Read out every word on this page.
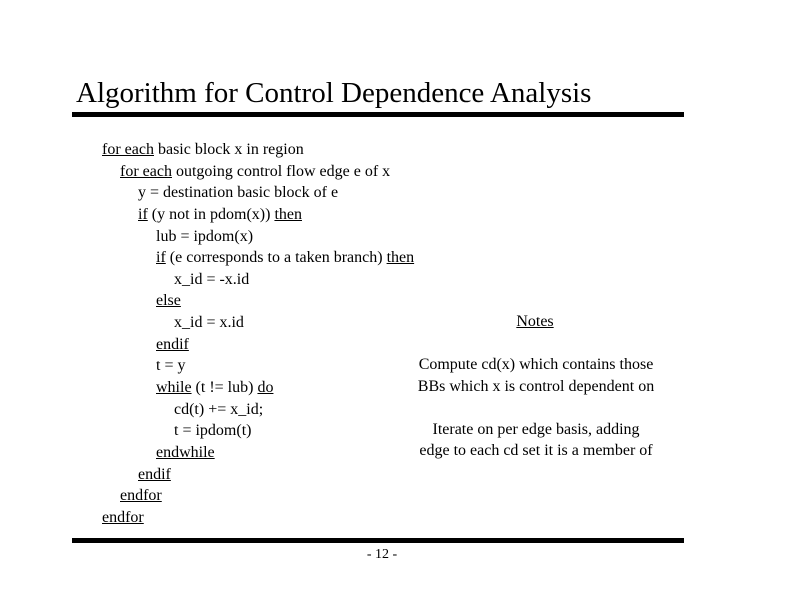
Algorithm for Control Dependence Analysis
for each basic block x in region
for each outgoing control flow edge e of x
y = destination basic block of e
if (y not in pdom(x)) then
lub = ipdom(x)
if (e corresponds to a taken branch) then
x_id = -x.id
else
x_id = x.id
endif
t = y
while (t != lub) do
cd(t) += x_id;
t = ipdom(t)
endwhile
endif
endfor
endfor
Notes
Compute cd(x) which contains those
BBs which x is control dependent on
Iterate on per edge basis, adding
edge to each cd set it is a member of
- 12 -
